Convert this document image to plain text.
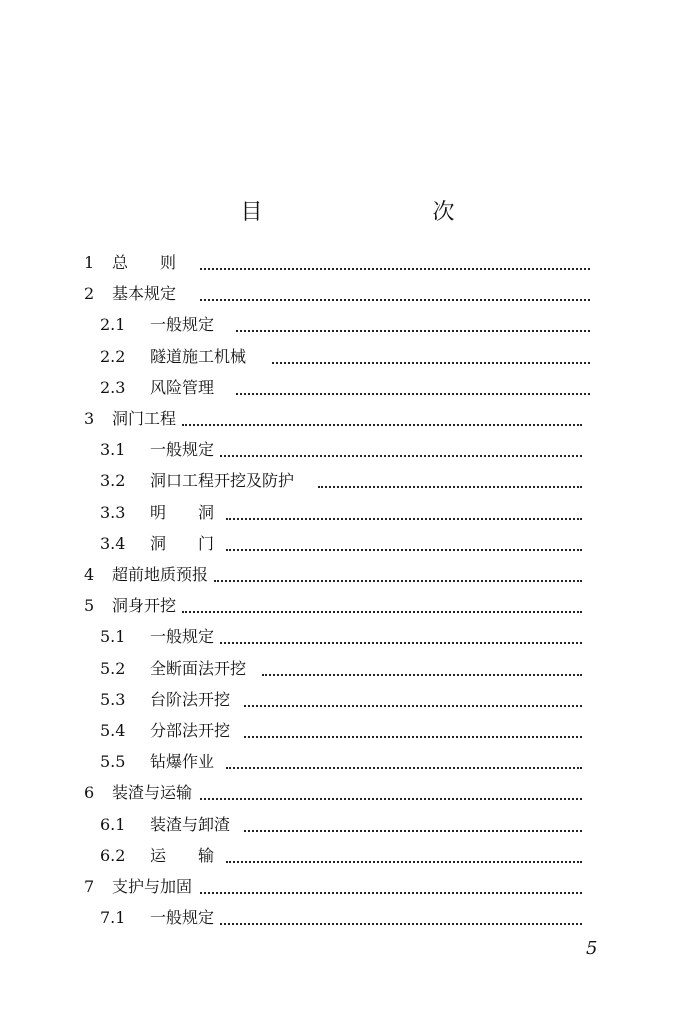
目　　次
1 总　　则
2 基本规定
2.1 一般规定
2.2 隧道施工机械
2.3 风险管理
3 洞门工程
3.1 一般规定
3.2 洞口工程开挖及防护
3.3 明　　洞
3.4 洞　　门
4 超前地质预报
5 洞身开挖
5.1 一般规定
5.2 全断面法开挖
5.3 台阶法开挖
5.4 分部法开挖
5.5 钻爆作业
6 装渣与运输
6.1 装渣与卸渣
6.2 运　　输
7 支护与加固
7.1 一般规定
5
